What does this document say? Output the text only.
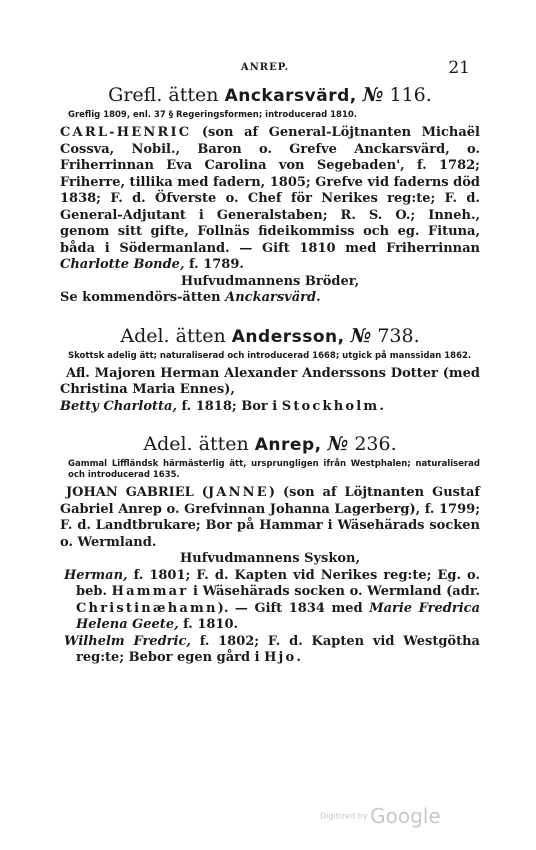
ANREP.	21

Grefl. ätten Anckarsvärd, № 116.

Greflig 1809, enl. 37 § Regeringsformen; introducerad 1810.

CARL-HENRIC (son af General-Löjtnanten Michaël Cossva, Nobil., Baron o. Grefve Anckarsvärd, o. Friherrinnan Eva Carolina von Segebaden', f. 1782; Friherre, tillika med fadern, 1805; Grefve vid faderns död 1838; F. d. Öfverste o. Chef för Nerikes reg:te; F. d. General-Adjutant i Generalstaben; R. S. O.; Inneh., genom sitt gifte, Follnäs fideikommiss och eg. Fituna, båda i Södermanland. — Gift 1810 med Friherrinnan Charlotte Bonde, f. 1789.

Hufvudmannens Bröder,

Se kommendörs-ätten Anckarsvärd.

Adel. ätten Andersson, № 738.

Skottsk adelig ätt; naturaliserad och introducerad 1668; utgick på manssidan 1862.

Afl. Majoren Herman Alexander Anderssons Dotter (med Christina Maria Ennes),

Betty Charlotta, f. 1818; Bor i Stockholm.

Adel. ätten Anrep, № 236.

Gammal Liffländsk härmästerlig ätt, ursprungligen ifrån Westphalen; naturaliserad och introducerad 1635.

JOHAN GABRIEL (JANNE) (son af Löjtnanten Gustaf Gabriel Anrep o. Grefvinnan Johanna Lagerberg), f. 1799; F. d. Landtbrukare; Bor på Hammar i Wäsehärads socken o. Wermland.

Hufvudmannens Syskon,

Herman, f. 1801; F. d. Kapten vid Nerikes reg:te; Eg. o. beb. Hammar i Wäsehärads socken o. Wermland (adr. Christinæhamn). — Gift 1834 med Marie Fredrica Helena Geete, f. 1810.

Wilhelm Fredric, f. 1802; F. d. Kapten vid Westgötha reg:te; Bebor egen gård i Hjo.

Digitized by Google
